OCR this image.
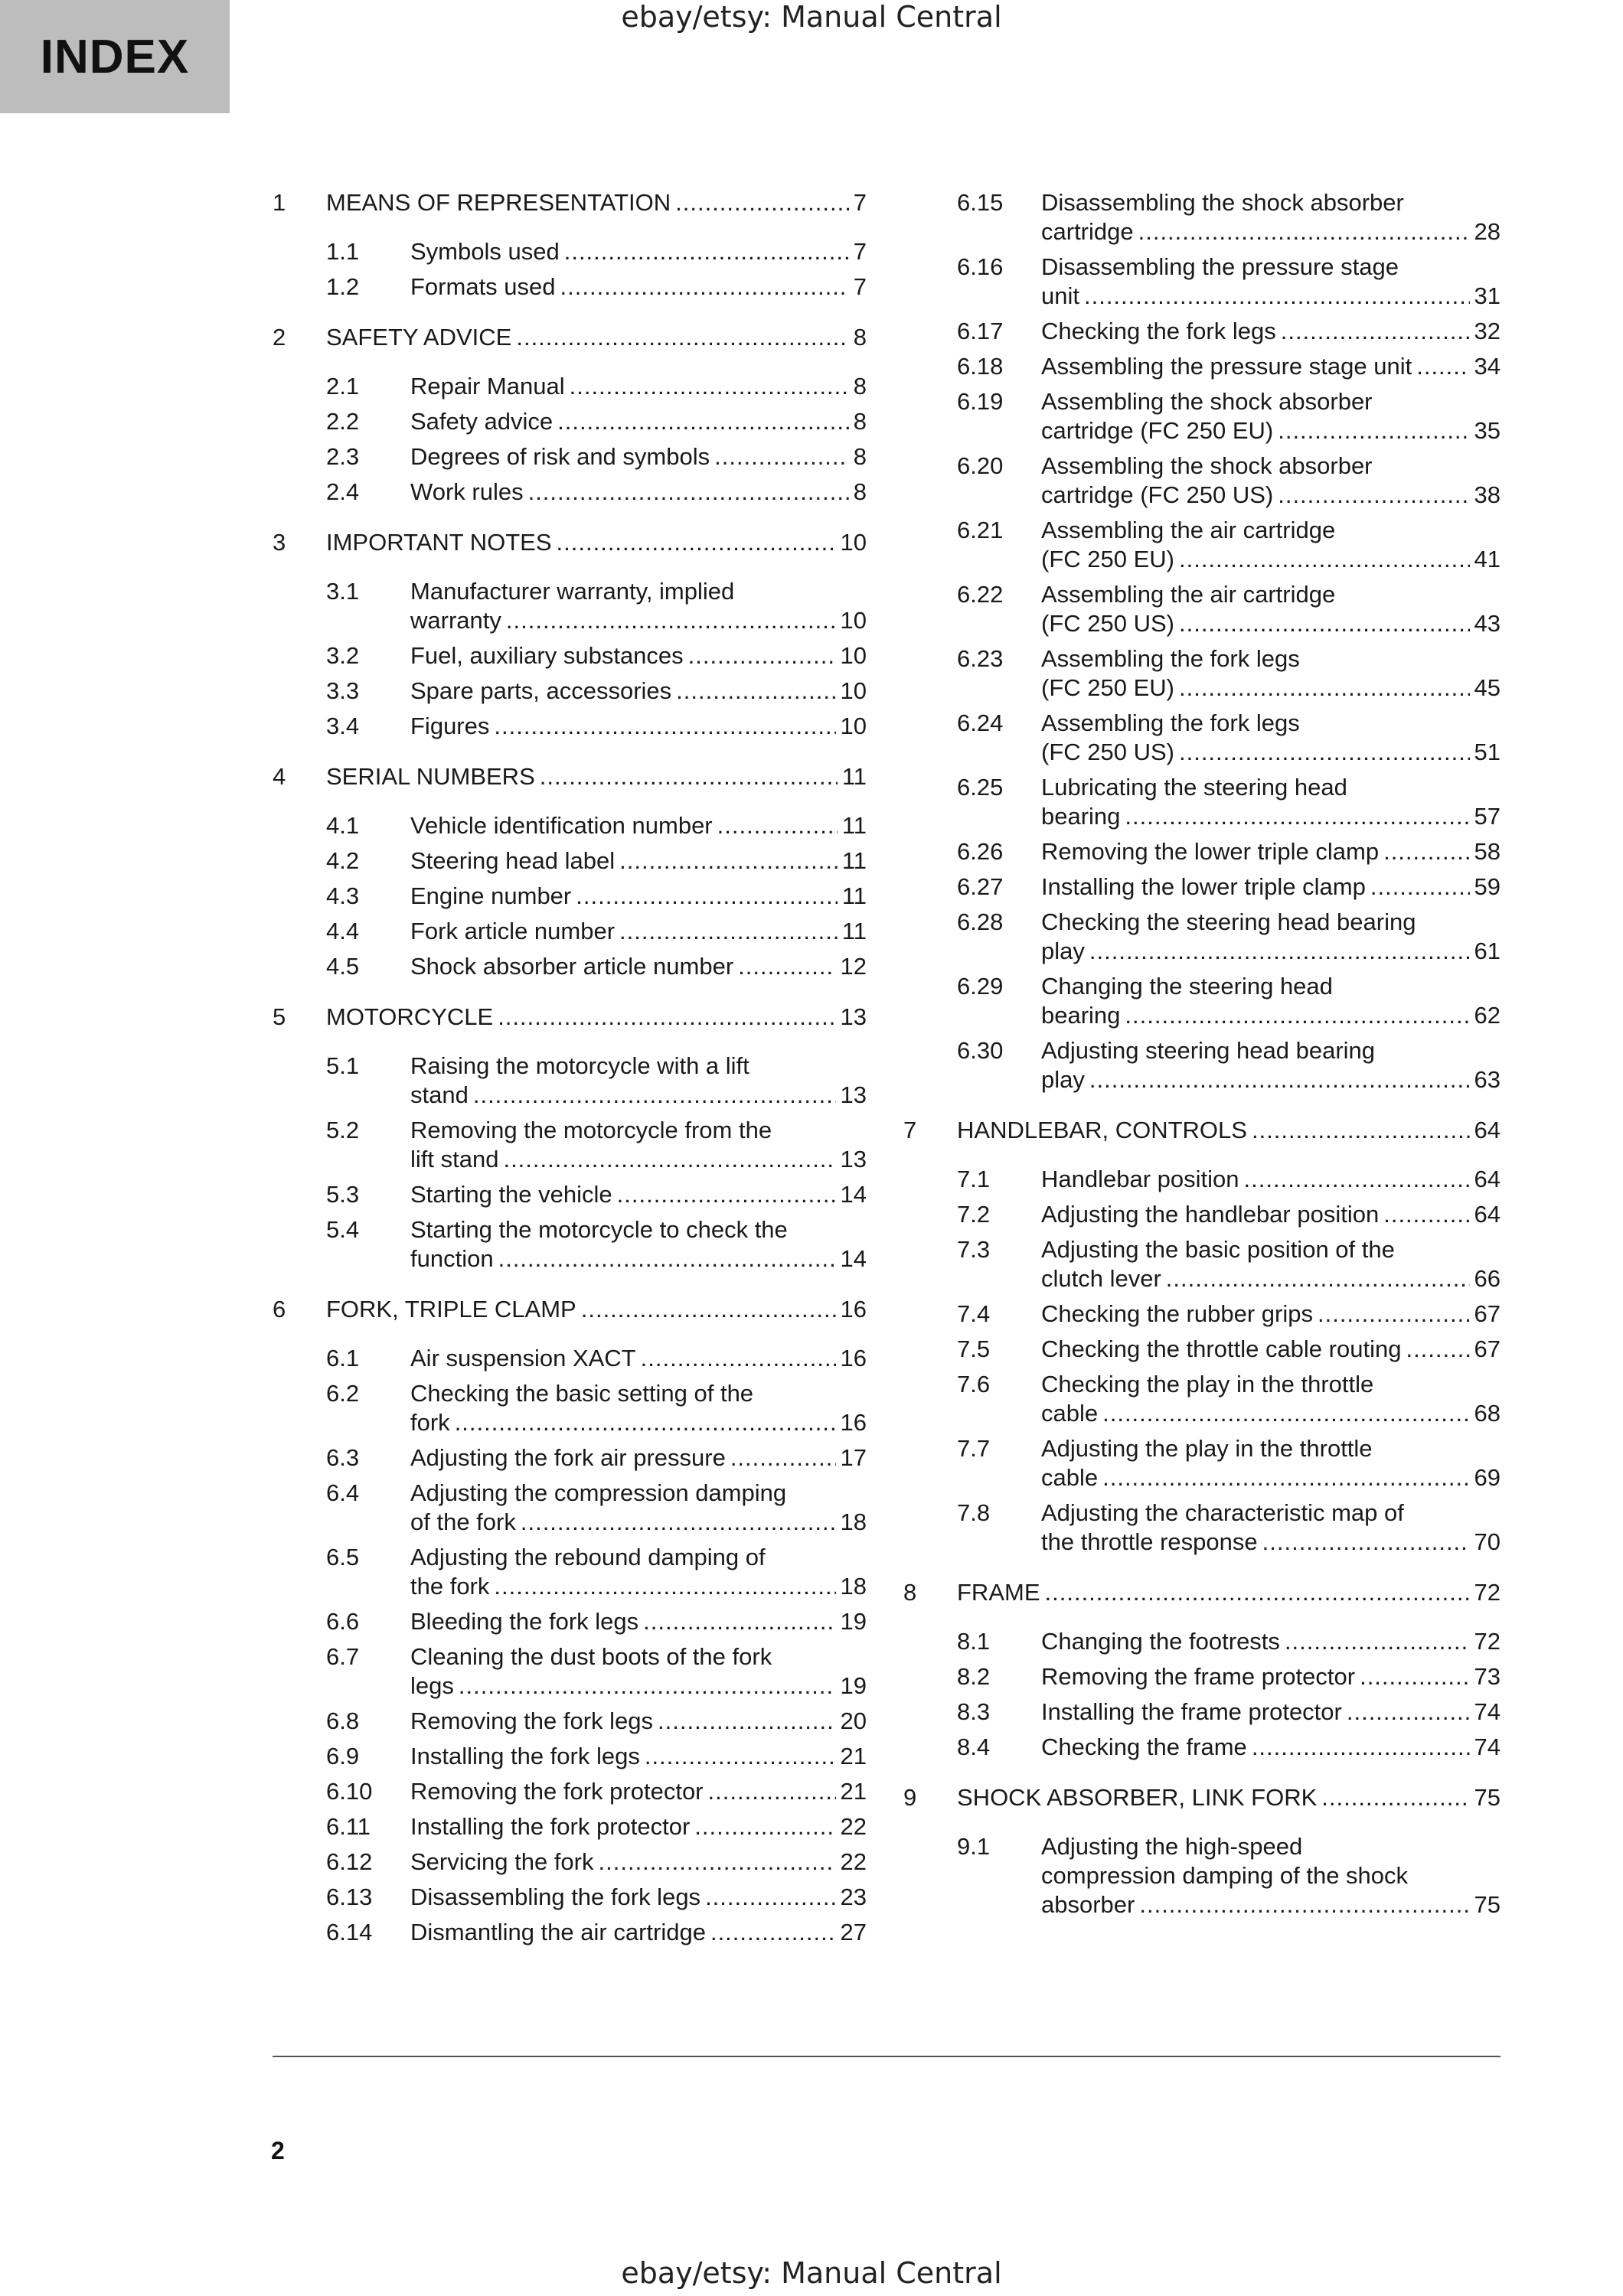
ebay/etsy: Manual Central
INDEX
1 MEANS OF REPRESENTATION .....	7
1.1 Symbols used .....	7
1.2 Formats used .....	7
2 SAFETY ADVICE .....	8
2.1 Repair Manual .....	8
2.2 Safety advice .....	8
2.3 Degrees of risk and symbols .....	8
2.4 Work rules .....	8
3 IMPORTANT NOTES .....	10
3.1 Manufacturer warranty, implied
warranty .....	10
3.2 Fuel, auxiliary substances .....	10
3.3 Spare parts, accessories .....	10
3.4 Figures .....	10
4 SERIAL NUMBERS .....	11
4.1 Vehicle identification number .....	11
4.2 Steering head label .....	11
4.3 Engine number .....	11
4.4 Fork article number .....	11
4.5 Shock absorber article number .....	12
5 MOTORCYCLE .....	13
5.1 Raising the motorcycle with a lift
stand .....	13
5.2 Removing the motorcycle from the
lift stand .....	13
5.3 Starting the vehicle .....	14
5.4 Starting the motorcycle to check the
function .....	14
6 FORK, TRIPLE CLAMP .....	16
6.1 Air suspension XACT .....	16
6.2 Checking the basic setting of the
fork .....	16
6.3 Adjusting the fork air pressure .....	17
6.4 Adjusting the compression damping
of the fork .....	18
6.5 Adjusting the rebound damping of
the fork .....	18
6.6 Bleeding the fork legs .....	19
6.7 Cleaning the dust boots of the fork
legs .....	19
6.8 Removing the fork legs .....	20
6.9 Installing the fork legs .....	21
6.10 Removing the fork protector .....	21
6.11 Installing the fork protector .....	22
6.12 Servicing the fork .....	22
6.13 Disassembling the fork legs .....	23
6.14 Dismantling the air cartridge .....	27
6.15 Disassembling the shock absorber
cartridge .....	28
6.16 Disassembling the pressure stage
unit .....	31
6.17 Checking the fork legs .....	32
6.18 Assembling the pressure stage unit .....	34
6.19 Assembling the shock absorber
cartridge (FC 250 EU) .....	35
6.20 Assembling the shock absorber
cartridge (FC 250 US) .....	38
6.21 Assembling the air cartridge
(FC 250 EU) .....	41
6.22 Assembling the air cartridge
(FC 250 US) .....	43
6.23 Assembling the fork legs
(FC 250 EU) .....	45
6.24 Assembling the fork legs
(FC 250 US) .....	51
6.25 Lubricating the steering head
bearing .....	57
6.26 Removing the lower triple clamp .....	58
6.27 Installing the lower triple clamp .....	59
6.28 Checking the steering head bearing
play .....	61
6.29 Changing the steering head
bearing .....	62
6.30 Adjusting steering head bearing
play .....	63
7 HANDLEBAR, CONTROLS .....	64
7.1 Handlebar position .....	64
7.2 Adjusting the handlebar position .....	64
7.3 Adjusting the basic position of the
clutch lever .....	66
7.4 Checking the rubber grips .....	67
7.5 Checking the throttle cable routing .....	67
7.6 Checking the play in the throttle
cable .....	68
7.7 Adjusting the play in the throttle
cable .....	69
7.8 Adjusting the characteristic map of
the throttle response .....	70
8 FRAME .....	72
8.1 Changing the footrests .....	72
8.2 Removing the frame protector .....	73
8.3 Installing the frame protector .....	74
8.4 Checking the frame .....	74
9 SHOCK ABSORBER, LINK FORK .....	75
9.1 Adjusting the high-speed
compression damping of the shock
absorber .....	75
2
ebay/etsy: Manual Central
